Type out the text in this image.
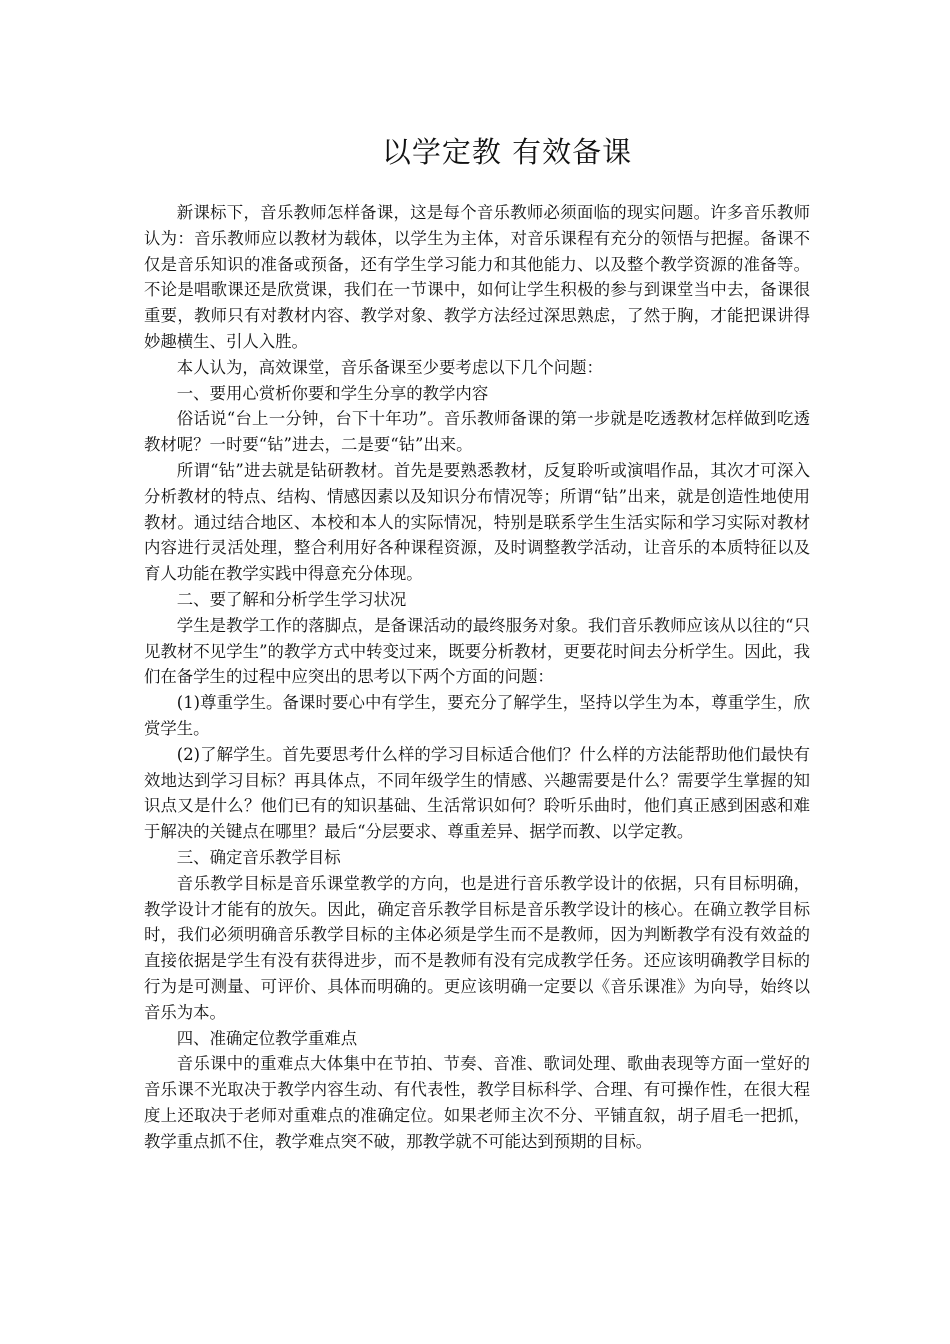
以学定教 有效备课

新课标下，音乐教师怎样备课，这是每个音乐教师必须面临的现实问题。许多音乐教师认为：音乐教师应以教材为载体，以学生为主体，对音乐课程有充分的领悟与把握。备课不仅是音乐知识的准备或预备，还有学生学习能力和其他能力、以及整个教学资源的准备等。不论是唱歌课还是欣赏课，我们在一节课中，如何让学生积极的参与到课堂当中去，备课很重要，教师只有对教材内容、教学对象、教学方法经过深思熟虑，了然于胸，才能把课讲得妙趣横生、引人入胜。

本人认为，高效课堂，音乐备课至少要考虑以下几个问题：

一、要用心赏析你要和学生分享的教学内容

俗话说“台上一分钟，台下十年功”。音乐教师备课的第一步就是吃透教材怎样做到吃透教材呢？一时要“钻”进去，二是要“钻”出来。

所谓“钻”进去就是钻研教材。首先是要熟悉教材，反复聆听或演唱作品，其次才可深入分析教材的特点、结构、情感因素以及知识分布情况等；所谓“钻”出来，就是创造性地使用教材。通过结合地区、本校和本人的实际情况，特别是联系学生生活实际和学习实际对教材内容进行灵活处理，整合利用好各种课程资源，及时调整教学活动，让音乐的本质特征以及育人功能在教学实践中得意充分体现。

二、要了解和分析学生学习状况

学生是教学工作的落脚点，是备课活动的最终服务对象。我们音乐教师应该从以往的“只见教材不见学生”的教学方式中转变过来，既要分析教材，更要花时间去分析学生。因此，我们在备学生的过程中应突出的思考以下两个方面的问题：

(1)尊重学生。备课时要心中有学生，要充分了解学生，坚持以学生为本，尊重学生，欣赏学生。

(2)了解学生。首先要思考什么样的学习目标适合他们？什么样的方法能帮助他们最快有效地达到学习目标？再具体点，不同年级学生的情感、兴趣需要是什么？需要学生掌握的知识点又是什么？他们已有的知识基础、生活常识如何？聆听乐曲时，他们真正感到困惑和难于解决的关键点在哪里？最后“分层要求、尊重差异、据学而教、以学定教。

三、确定音乐教学目标

音乐教学目标是音乐课堂教学的方向，也是进行音乐教学设计的依据，只有目标明确，教学设计才能有的放矢。因此，确定音乐教学目标是音乐教学设计的核心。在确立教学目标时，我们必须明确音乐教学目标的主体必须是学生而不是教师，因为判断教学有没有效益的直接依据是学生有没有获得进步，而不是教师有没有完成教学任务。还应该明确教学目标的行为是可测量、可评价、具体而明确的。更应该明确一定要以《音乐课准》为向导，始终以音乐为本。

四、准确定位教学重难点

音乐课中的重难点大体集中在节拍、节奏、音准、歌词处理、歌曲表现等方面一堂好的音乐课不光取决于教学内容生动、有代表性，教学目标科学、合理、有可操作性，在很大程度上还取决于老师对重难点的准确定位。如果老师主次不分、平铺直叙，胡子眉毛一把抓，教学重点抓不住，教学难点突不破，那教学就不可能达到预期的目标。
